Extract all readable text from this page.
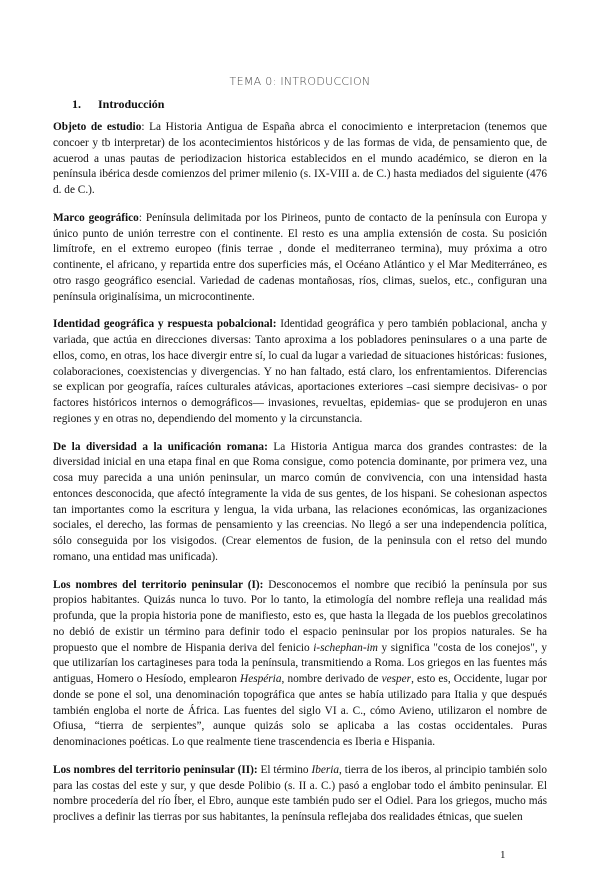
TEMA 0: INTRODUCCION
1. Introducción

Objeto de estudio: La Historia Antigua de España abrca el conocimiento e interpretacion (tenemos que concoer y tb interpretar) de los acontecimientos históricos y de las formas de vida, de pensamiento que, de acuerod a unas pautas de periodizacion historica establecidos en el mundo académico, se dieron en la península ibérica desde comienzos del primer milenio (s. IX-VIII a. de C.) hasta mediados del siguiente (476 d. de C.).

Marco geográfico: Península delimitada por los Pirineos, punto de contacto de la península con Europa y único punto de unión terrestre con el continente. El resto es una amplia extensión de costa. Su posición limítrofe, en el extremo europeo (finis terrae , donde el mediterraneo termina), muy próxima a otro continente, el africano, y repartida entre dos superficies más, el Océano Atlántico y el Mar Mediterráneo, es otro rasgo geográfico esencial. Variedad de cadenas montañosas, ríos, climas, suelos, etc., configuran una península originalísima, un microcontinente.

Identidad geográfica y respuesta pobalcional: Identidad geográfica y pero también poblacional, ancha y variada, que actúa en direcciones diversas: Tanto aproxima a los pobladores peninsulares o a una parte de ellos, como, en otras, los hace divergir entre sí, lo cual da lugar a variedad de situaciones históricas: fusiones, colaboraciones, coexistencias y divergencias. Y no han faltado, está claro, los enfrentamientos. Diferencias se explican por geografía, raíces culturales atávicas, aportaciones exteriores –casi siempre decisivas- o por factores históricos internos o demográficos— invasiones, revueltas, epidemias- que se produjeron en unas regiones y en otras no, dependiendo del momento y la circunstancia.

De la diversidad a la unificación romana: La Historia Antigua marca dos grandes contrastes: de la diversidad inicial en una etapa final en que Roma consigue, como potencia dominante, por primera vez, una cosa muy parecida a una unión peninsular, un marco común de convivencia, con una intensidad hasta entonces desconocida, que afectó íntegramente la vida de sus gentes, de los hispani. Se cohesionan aspectos tan importantes como la escritura y lengua, la vida urbana, las relaciones económicas, las organizaciones sociales, el derecho, las formas de pensamiento y las creencias. No llegó a ser una independencia política, sólo conseguida por los visigodos. (Crear elementos de fusion, de la peninsula con el retso del mundo romano, una entidad mas unificada).

Los nombres del territorio peninsular (I): Desconocemos el nombre que recibió la península por sus propios habitantes. Quizás nunca lo tuvo. Por lo tanto, la etimología del nombre refleja una realidad más profunda, que la propia historia pone de manifiesto, esto es, que hasta la llegada de los pueblos grecolatinos no debió de existir un término para definir todo el espacio peninsular por los propios naturales. Se ha propuesto que el nombre de Hispania deriva del fenicio i-schephan-im y significa "costa de los conejos", y que utilizarían los cartagineses para toda la península, transmitiendo a Roma. Los griegos en las fuentes más antiguas, Homero o Hesíodo, emplearon Hespéria, nombre derivado de vesper, esto es, Occidente, lugar por donde se pone el sol, una denominación topográfica que antes se había utilizado para Italia y que después también engloba el norte de África. Las fuentes del siglo VI a. C., cómo Avieno, utilizaron el nombre de Ofiusa, “tierra de serpientes”, aunque quizás solo se aplicaba a las costas occidentales. Puras denominaciones poéticas. Lo que realmente tiene trascendencia es Iberia e Hispania.

Los nombres del territorio peninsular (II): El término Iberia, tierra de los iberos, al principio también solo para las costas del este y sur, y que desde Polibio (s. II a. C.) pasó a englobar todo el ámbito peninsular. El nombre procedería del río Íber, el Ebro, aunque este también pudo ser el Odiel. Para los griegos, mucho más proclives a definir las tierras por sus habitantes, la península reflejaba dos realidades étnicas, que suelen

1
